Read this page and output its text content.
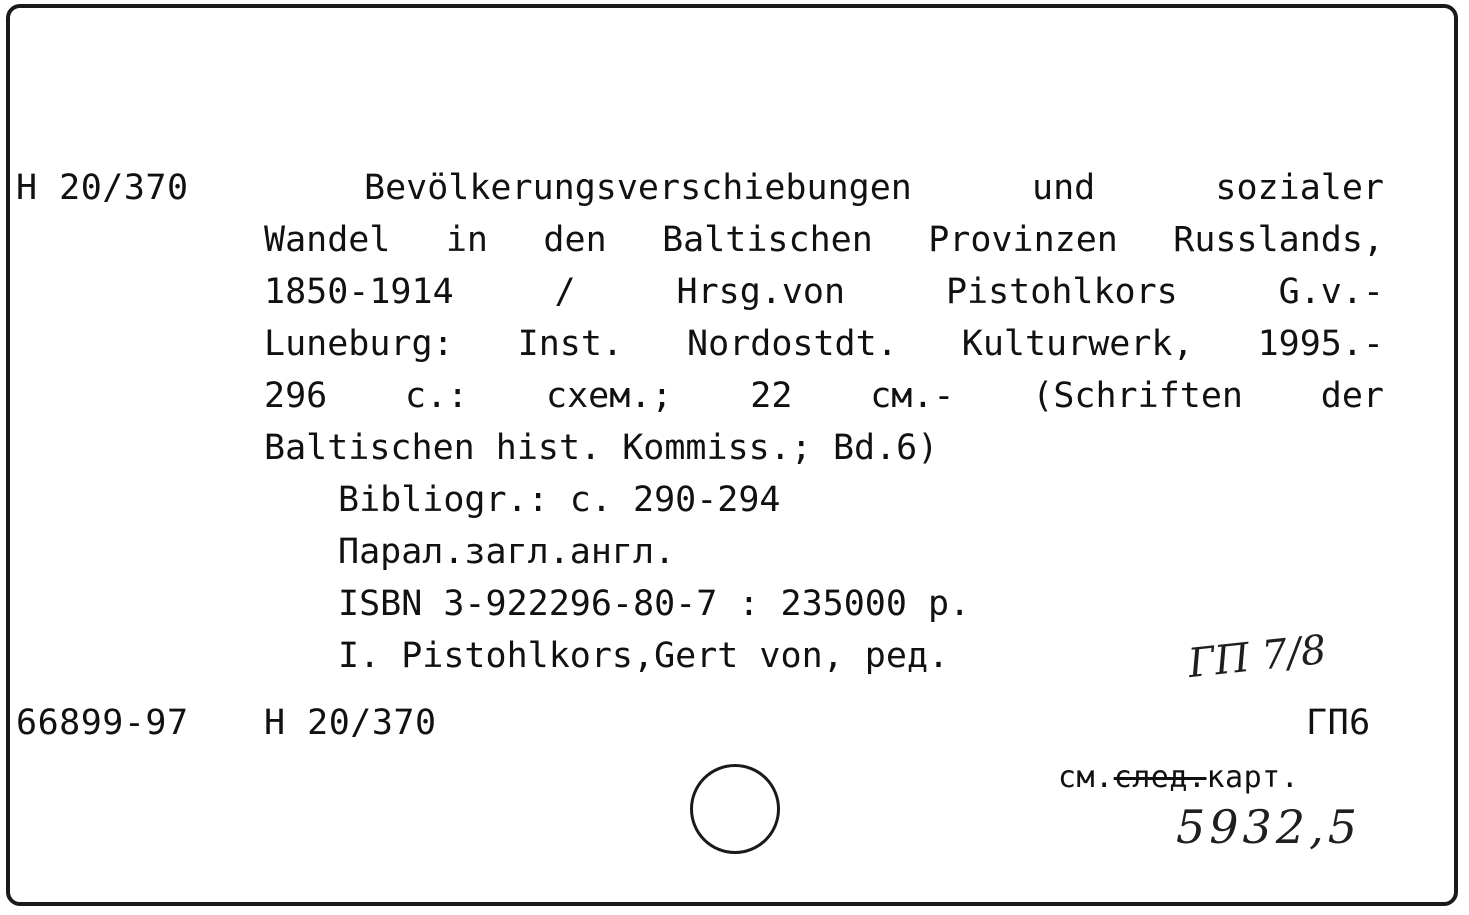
H 20/370	Bevölkerungsverschiebungen und sozialer
Wandel in den Baltischen Provinzen Russlands,
1850-1914 / Hrsg.von Pistohlkors G.v.-
Luneburg: Inst. Nordostdt. Kulturwerk, 1995.-
296 с.: схем.; 22 см.- (Schriften der
Baltischen hist. Kommiss.; Bd.6)
Bibliogr.: с. 290-294
Парал.загл.англ.
ISBN 3-922296-80-7 : 235000 р.
I. Pistohlkors,Gert von, ред.
66899-97 H 20/370	ГП6
см.след.карт.
ГП 7/8
5932,5
